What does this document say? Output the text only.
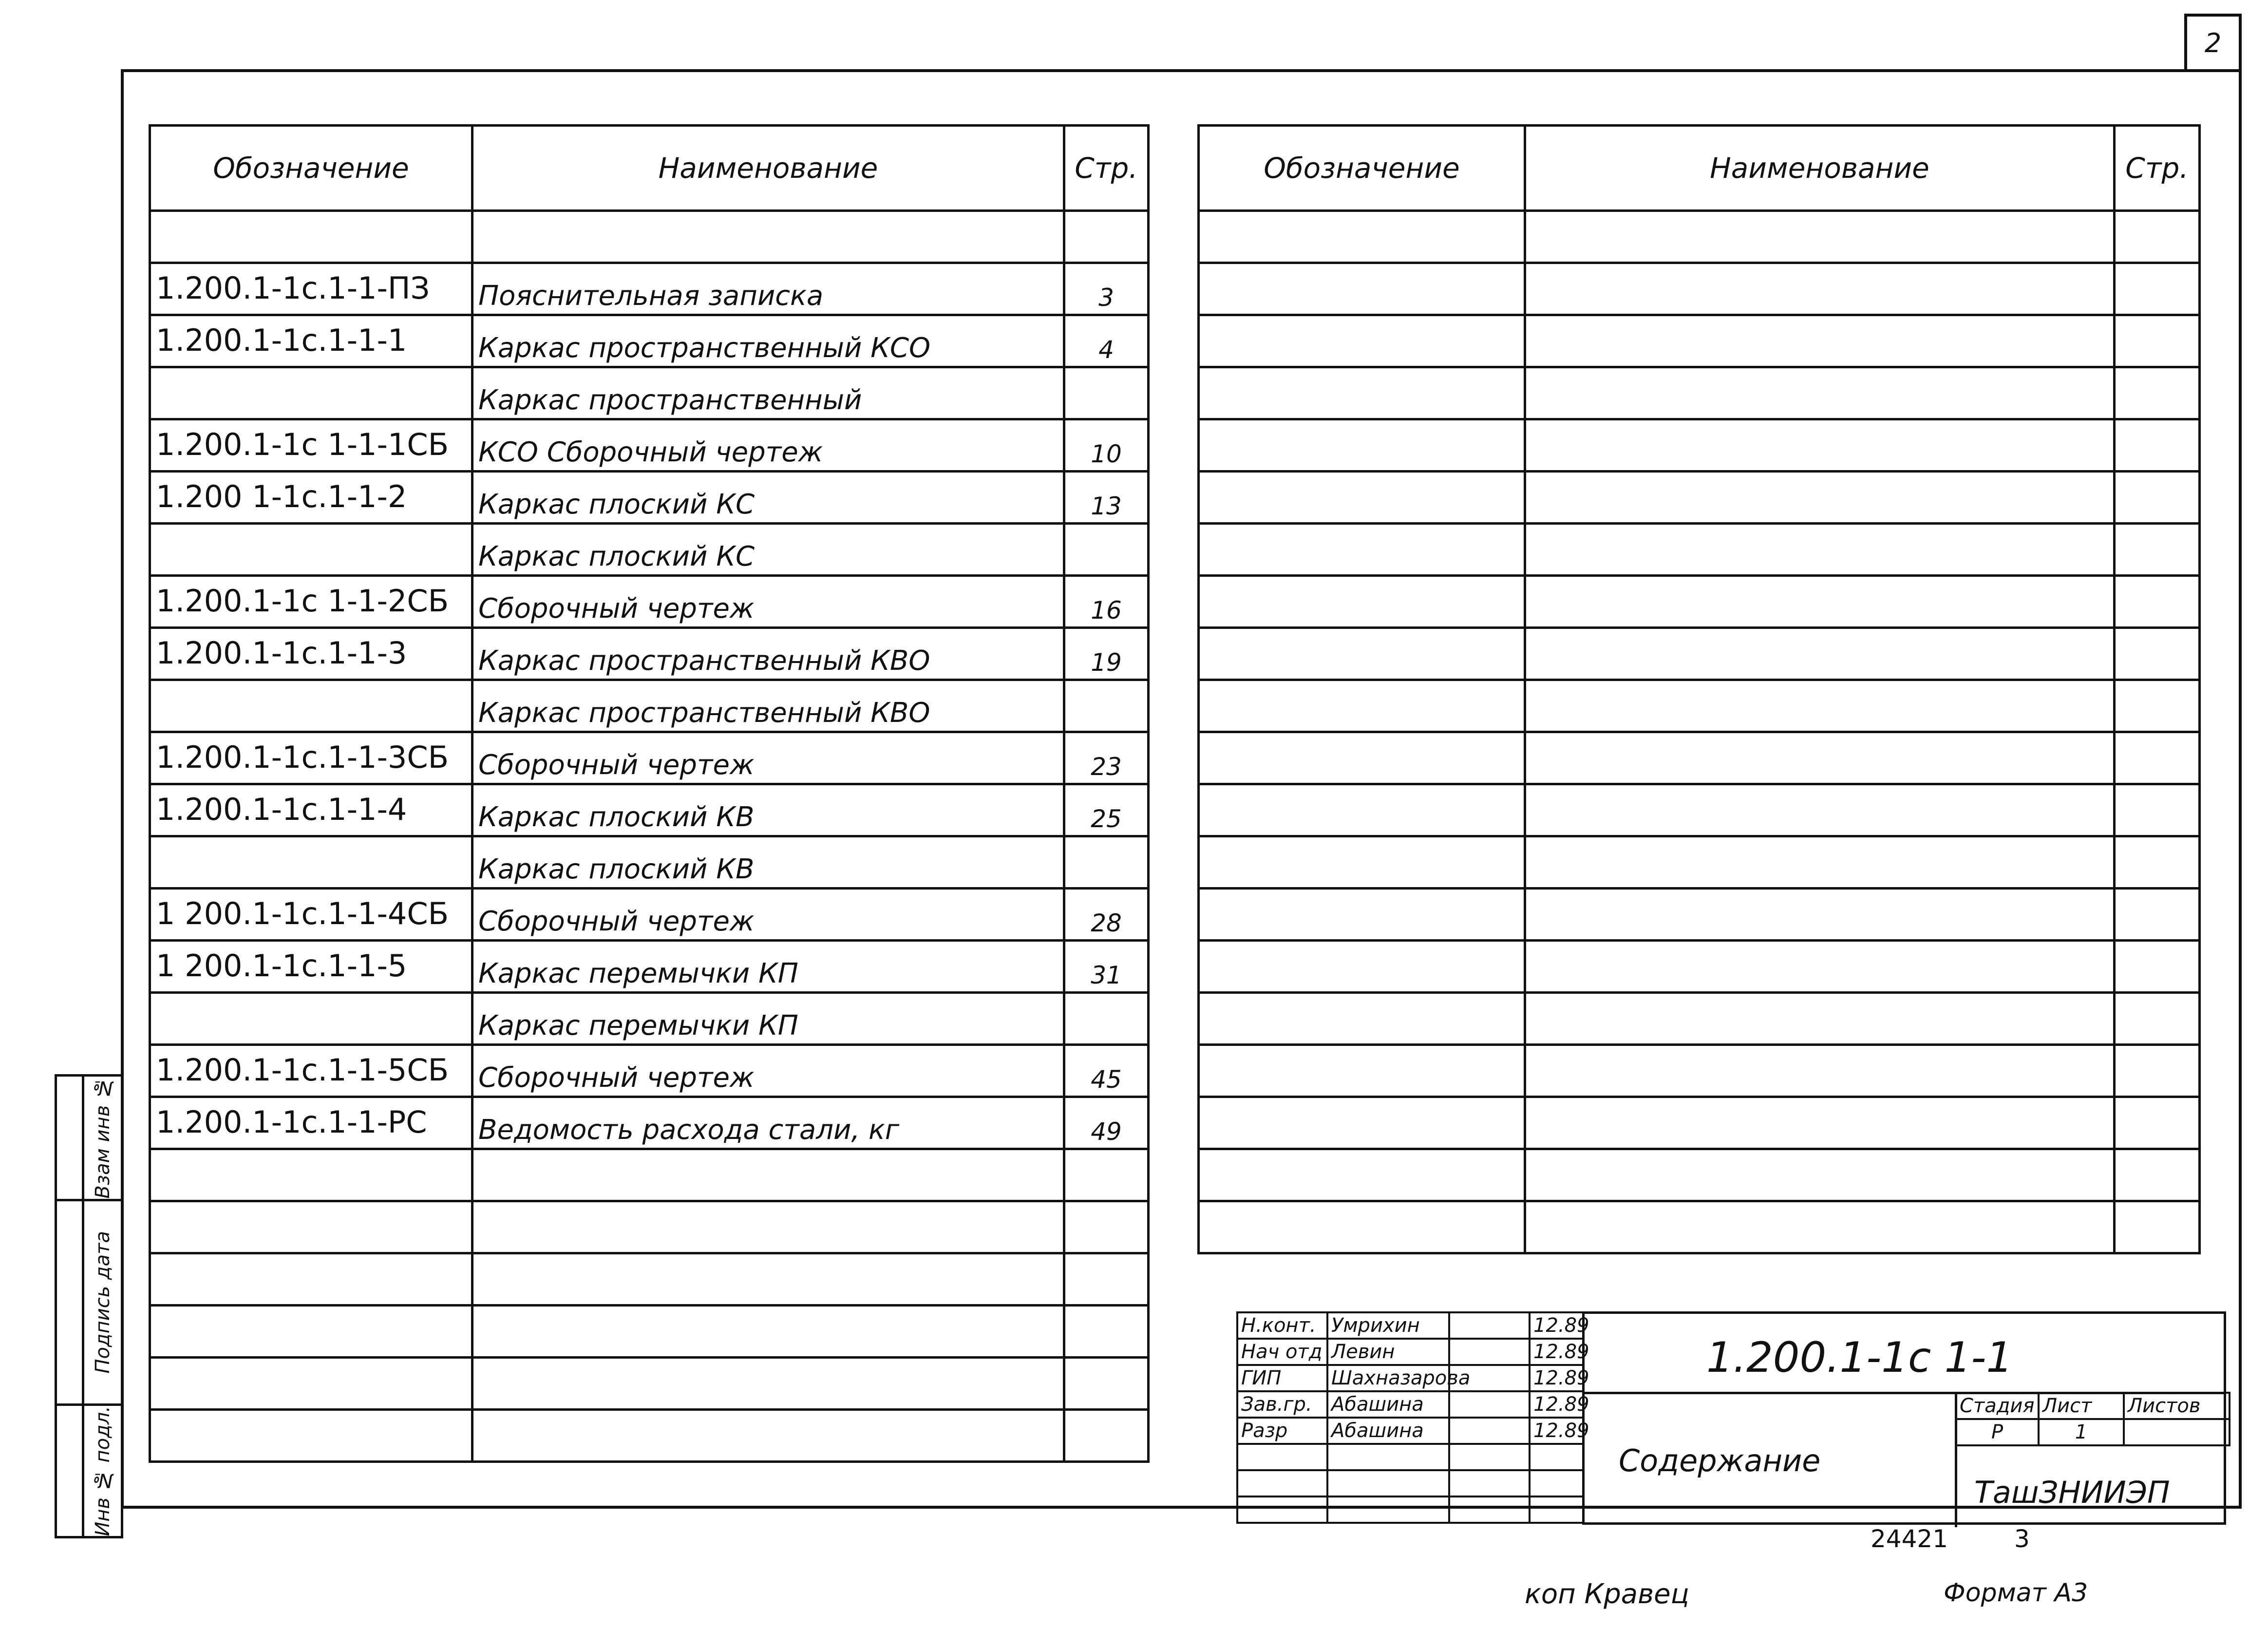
2
Обозначение	Наименование	Стр.

1.200.1-1с.1-1-ПЗ	Пояснительная записка	3
1.200.1-1с.1-1-1	Каркас пространственный КСО	4
	Каркас пространственный	
1.200.1-1с 1-1-1СБ	КСО Сборочный чертеж	10
1.200 1-1с.1-1-2	Каркас плоский КС	13
	Каркас плоский КС	
1.200.1-1с 1-1-2СБ	Сборочный чертеж	16
1.200.1-1с.1-1-3	Каркас пространственный КВО	19
	Каркас пространственный КВО	
1.200.1-1с.1-1-3СБ	Сборочный чертеж	23
1.200.1-1с.1-1-4	Каркас плоский КВ	25
	Каркас плоский КВ	
1 200.1-1с.1-1-4СБ	Сборочный чертеж	28
1 200.1-1с.1-1-5	Каркас перемычки КП	31
	Каркас перемычки КП	
1.200.1-1с.1-1-5СБ	Сборочный чертеж	45
1.200.1-1с.1-1-РС	Ведомость расхода стали, кг	49

Обозначение	Наименование	Стр.

	Взам инв №

	Подпись дата

	Инв № подл.
Н.конт.	Умрихин		12.89
Нач отд	Левин		12.89
ГИП	Шахназарова		12.89
Зав.гр.	Абашина		12.89
Разр	Абашина		12.89

1.200.1-1с 1-1
Содержание
Стадия	Лист	Листов
Р	1	
ТашЗНИИЭП
24421	3
коп Кравец	Формат А3
